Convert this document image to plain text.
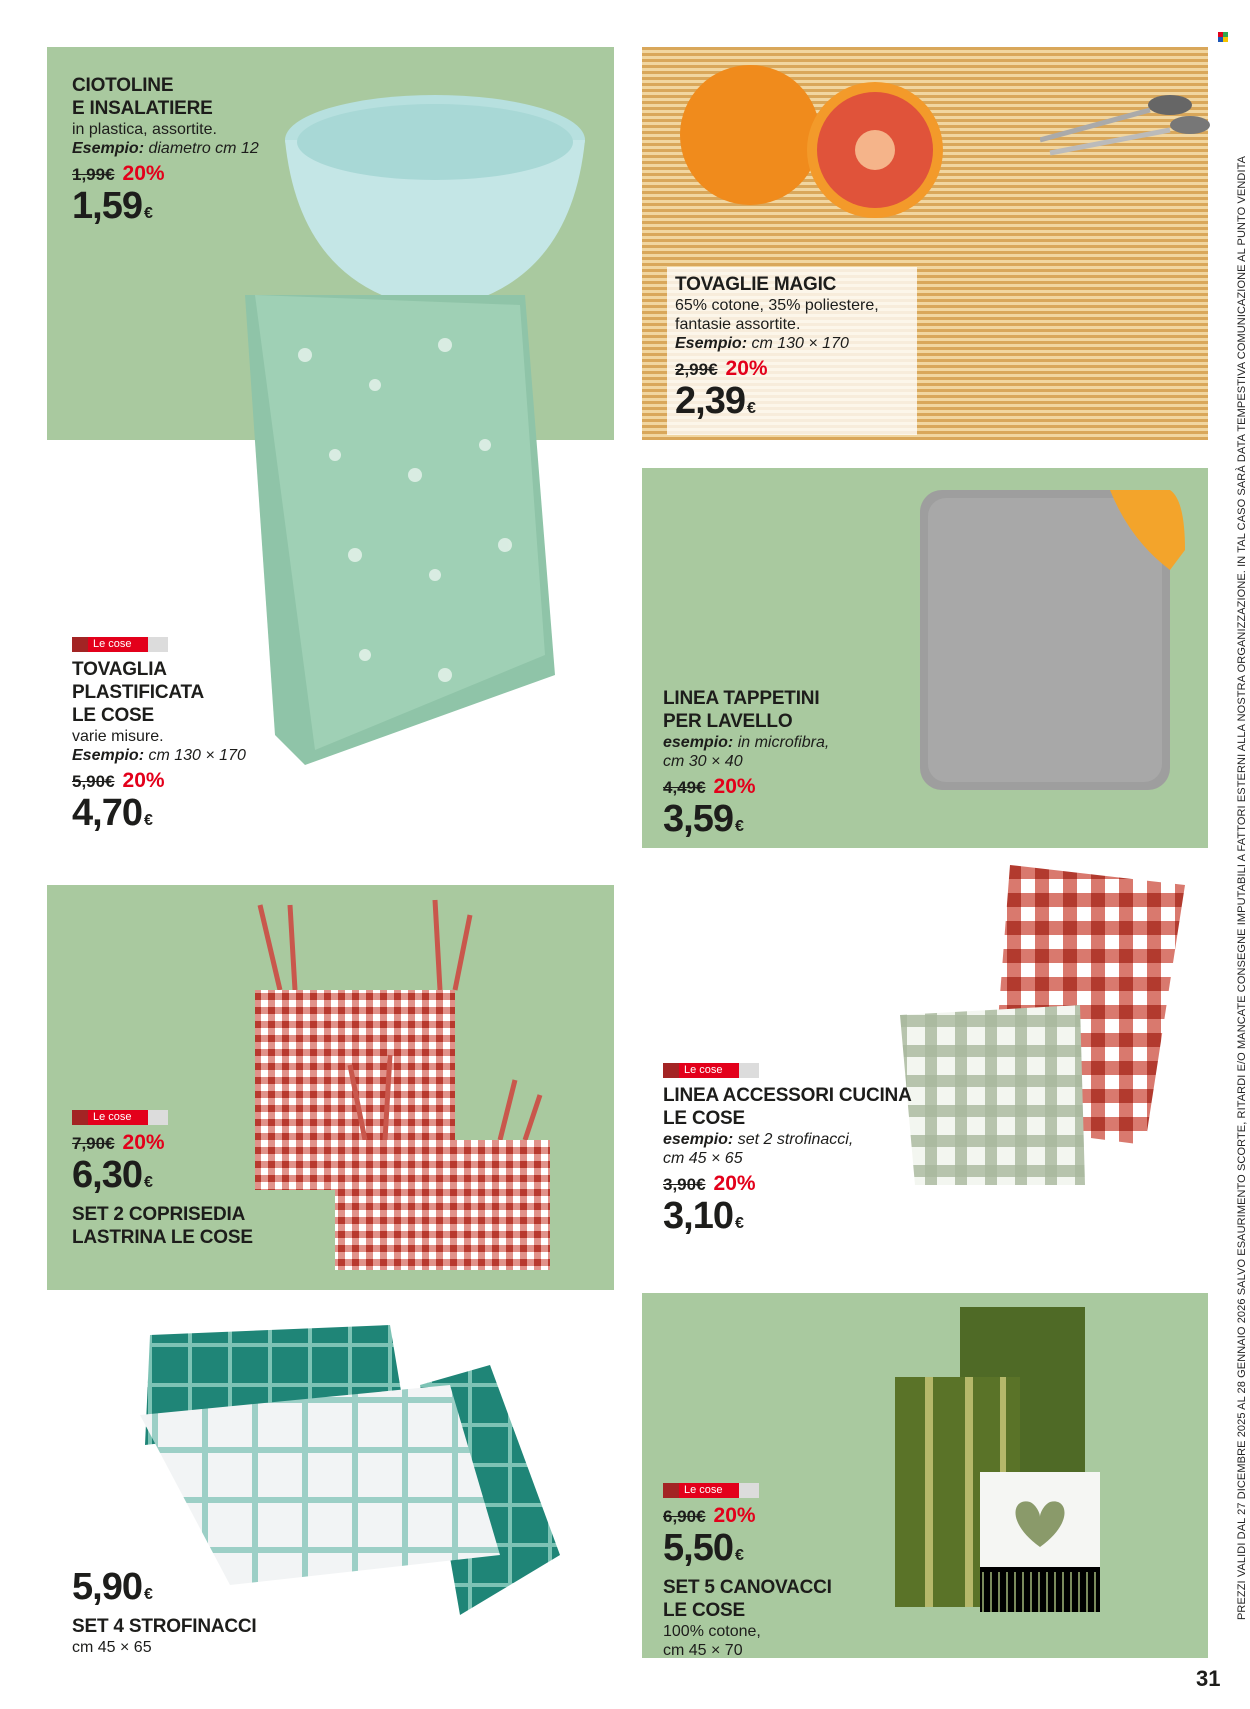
CIOTOLINE
E INSALATIERE
in plastica, assortite.
Esempio: diametro cm 12
1,99€ 20%
1,59 €
TOVAGLIE MAGIC
65% cotone, 35% poliestere,
fantasie assortite.
Esempio: cm 130 × 170
2,99€ 20%
2,39 €
Le cose
TOVAGLIA
PLASTIFICATA
LE COSE
varie misure.
Esempio: cm 130 × 170
5,90€ 20%
4,70 €
LINEA TAPPETINI
PER LAVELLO
esempio: in microfibra,
cm 30 × 40
4,49€ 20%
3,59 €
Le cose
7,90€ 20%
6,30 €
SET 2 COPRISEDIA
LASTRINA LE COSE
Le cose
LINEA ACCESSORI CUCINA
LE COSE
esempio: set 2 strofinacci,
cm 45 × 65
3,90€ 20%
3,10 €
5,90 €
SET 4 STROFINACCI
cm 45 × 65
Le cose
6,90€ 20%
5,50 €
SET 5 CANOVACCI
LE COSE
100% cotone,
cm 45 × 70
PREZZI VALIDI DAL 27 DICEMBRE 2025 AL 28 GENNAIO 2026 SALVO ESAURIMENTO SCORTE, RITARDI E/O MANCATE CONSEGNE IMPUTABILI A FATTORI ESTERNI ALLA NOSTRA ORGANIZZAZIONE. IN TAL CASO SARÀ DATA TEMPESTIVA COMUNICAZIONE AL PUNTO VENDITA
31
